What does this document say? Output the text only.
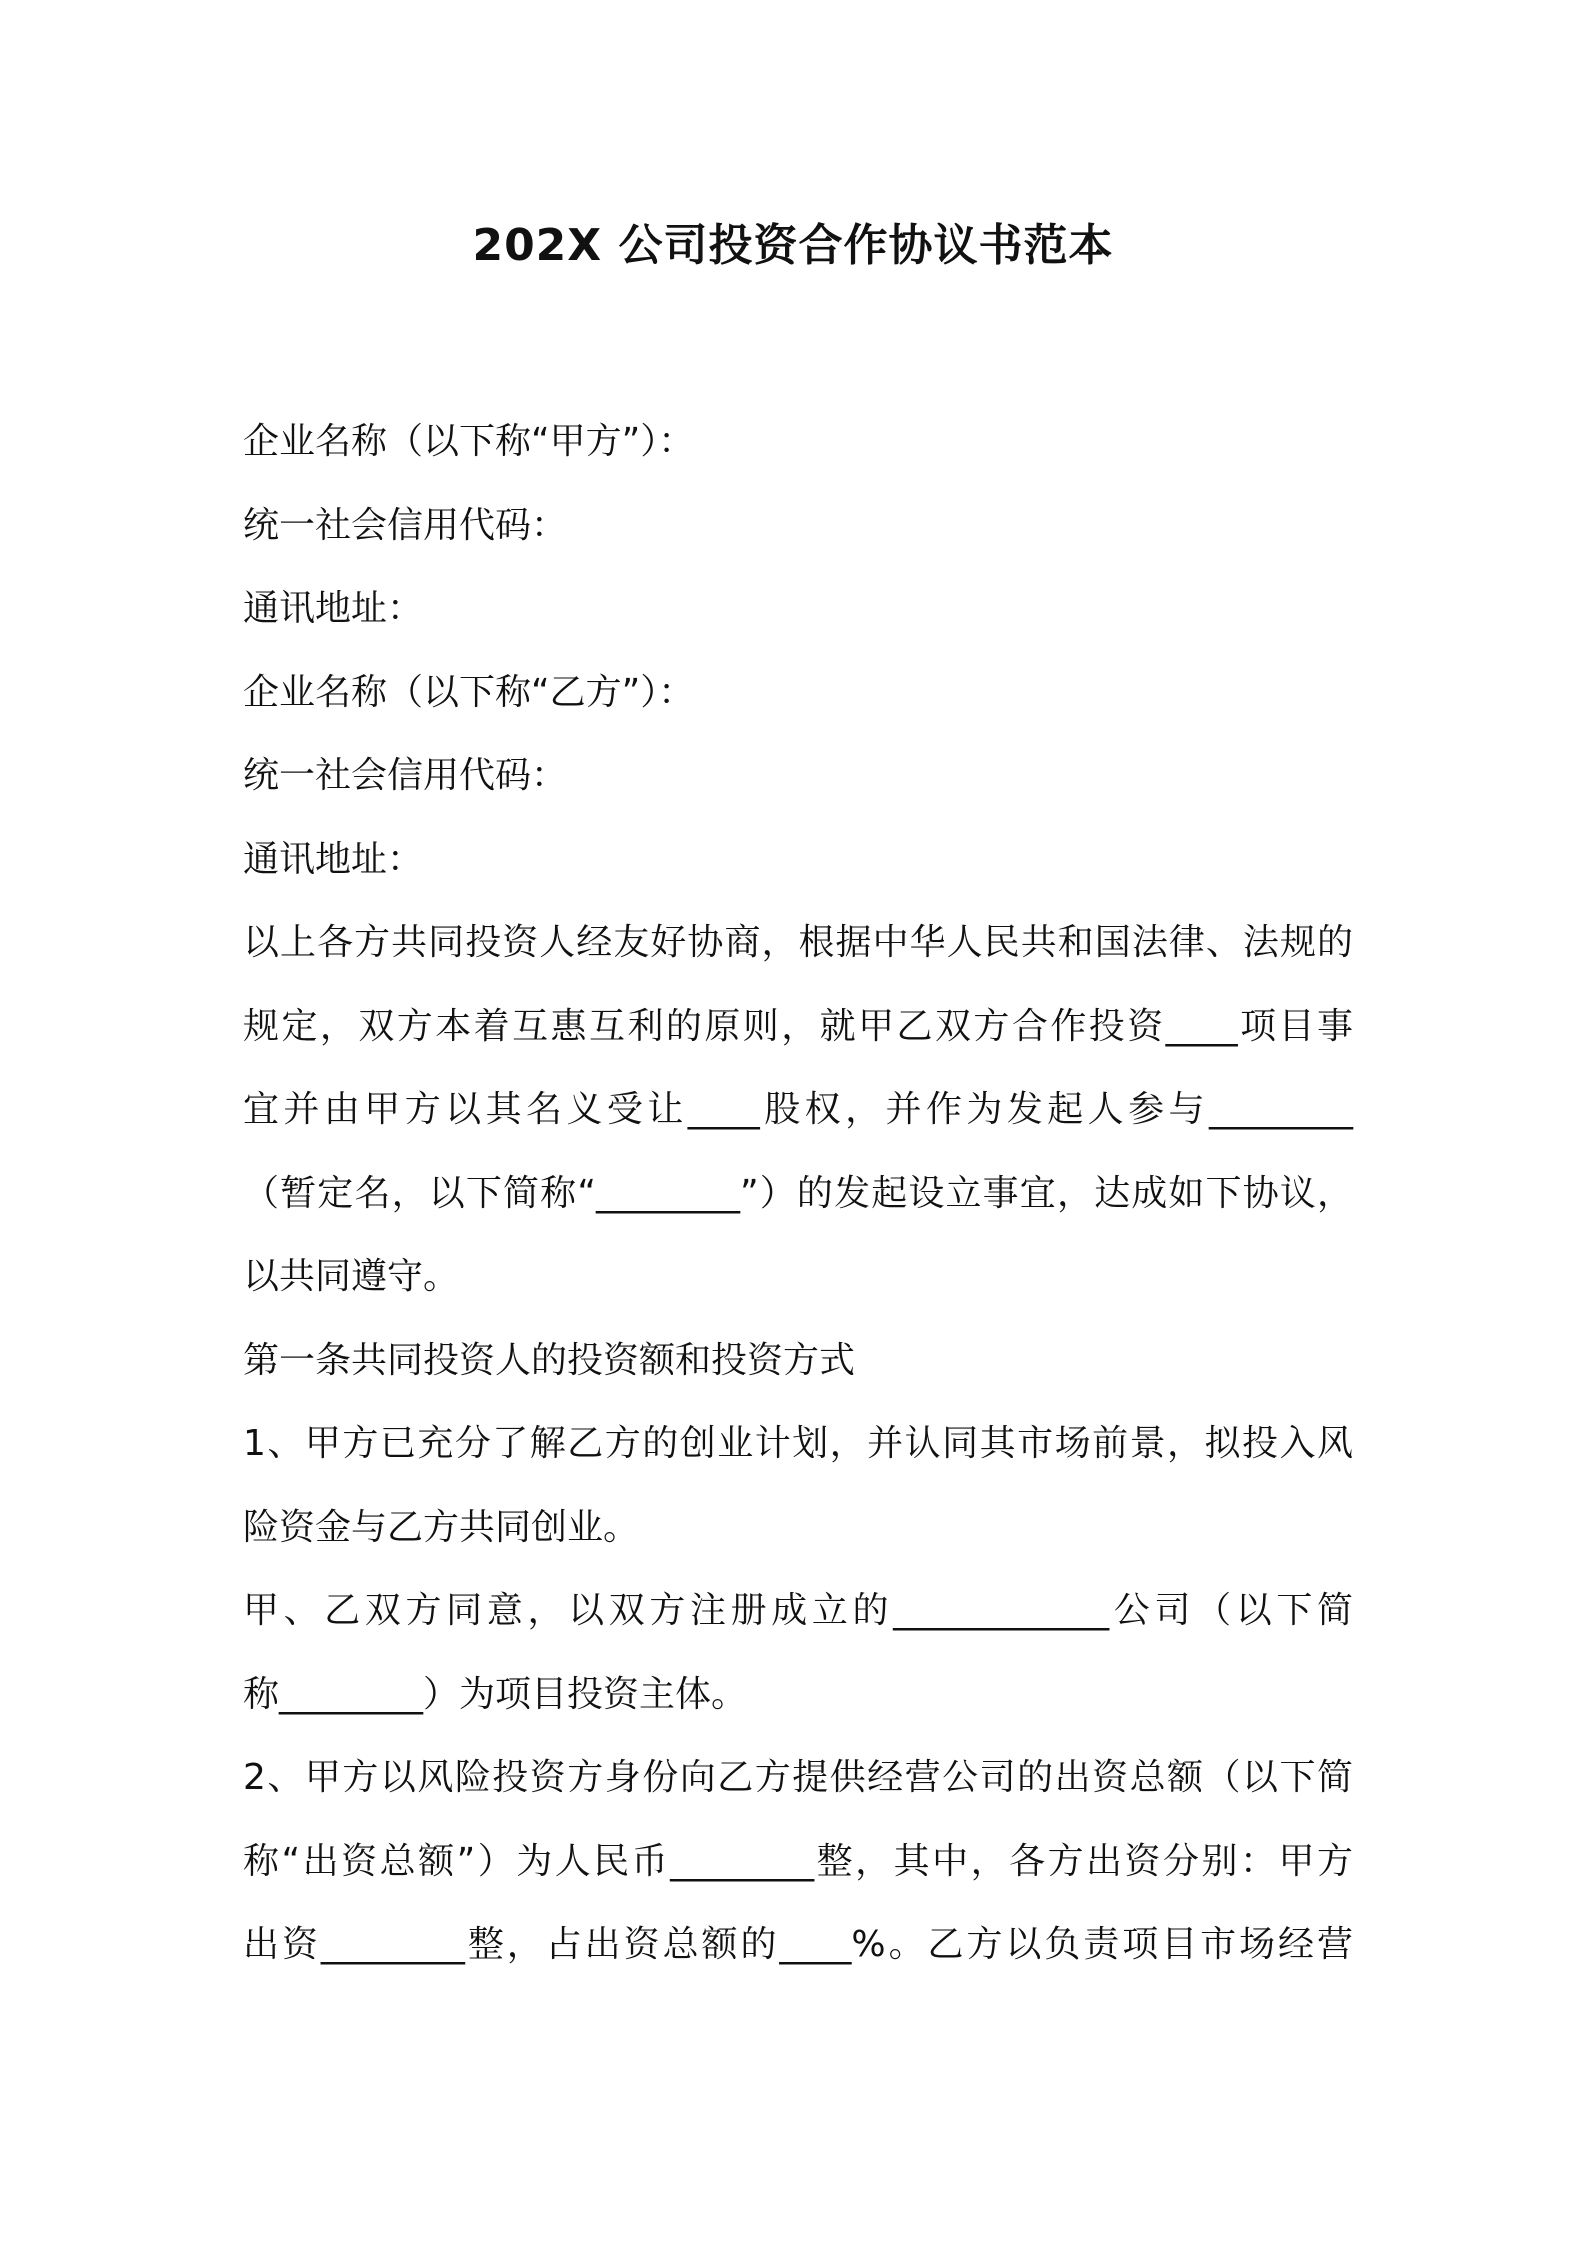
202X 公司投资合作协议书范本
企业名称（以下称“甲方”）：
统一社会信用代码：
通讯地址：
企业名称（以下称“乙方”）：
统一社会信用代码：
通讯地址：
以上各方共同投资人经友好协商，根据中华人民共和国法律、法规的
规定，双方本着互惠互利的原则，就甲乙双方合作投资____项目事
宜并由甲方以其名义受让____股权，并作为发起人参与________
（暂定名，以下简称“________”）的发起设立事宜，达成如下协议，
以共同遵守。
第一条共同投资人的投资额和投资方式
1、甲方已充分了解乙方的创业计划，并认同其市场前景，拟投入风
险资金与乙方共同创业。
甲、乙双方同意，以双方注册成立的____________公司（以下简
称________）为项目投资主体。
2、甲方以风险投资方身份向乙方提供经营公司的出资总额（以下简
称“出资总额”）为人民币________整，其中，各方出资分别：甲方
出资________整，占出资总额的____%。乙方以负责项目市场经营
